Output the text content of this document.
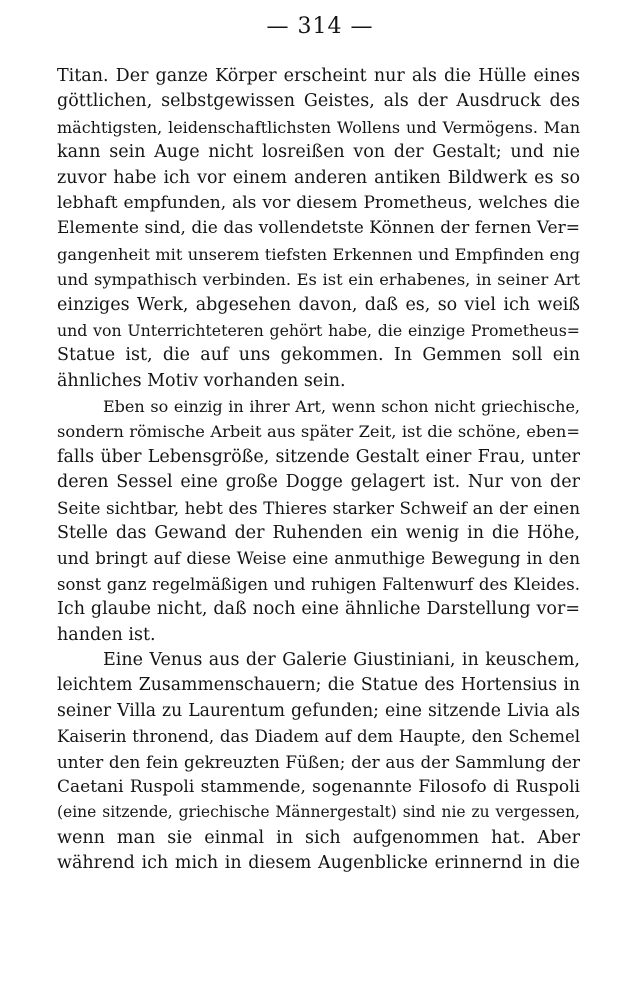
— 314 —
Titan. Der ganze Körper erscheint nur als die Hülle eines
göttlichen, selbstgewissen Geistes, als der Ausdruck des
mächtigsten, leidenschaftlichsten Wollens und Vermögens. Man
kann sein Auge nicht losreißen von der Gestalt; und nie
zuvor habe ich vor einem anderen antiken Bildwerk es so
lebhaft empfunden, als vor diesem Prometheus, welches die
Elemente sind, die das vollendetste Können der fernen Ver=
gangenheit mit unserem tiefsten Erkennen und Empfinden eng
und sympathisch verbinden. Es ist ein erhabenes, in seiner Art
einziges Werk, abgesehen davon, daß es, so viel ich weiß
und von Unterrichteteren gehört habe, die einzige Prometheus=
Statue ist, die auf uns gekommen. In Gemmen soll ein
ähnliches Motiv vorhanden sein.
Eben so einzig in ihrer Art, wenn schon nicht griechische,
sondern römische Arbeit aus später Zeit, ist die schöne, eben=
falls über Lebensgröße, sitzende Gestalt einer Frau, unter
deren Sessel eine große Dogge gelagert ist. Nur von der
Seite sichtbar, hebt des Thieres starker Schweif an der einen
Stelle das Gewand der Ruhenden ein wenig in die Höhe,
und bringt auf diese Weise eine anmuthige Bewegung in den
sonst ganz regelmäßigen und ruhigen Faltenwurf des Kleides.
Ich glaube nicht, daß noch eine ähnliche Darstellung vor=
handen ist.
Eine Venus aus der Galerie Giustiniani, in keuschem,
leichtem Zusammenschauern; die Statue des Hortensius in
seiner Villa zu Laurentum gefunden; eine sitzende Livia als
Kaiserin thronend, das Diadem auf dem Haupte, den Schemel
unter den fein gekreuzten Füßen; der aus der Sammlung der
Caetani Ruspoli stammende, sogenannte Filosofo di Ruspoli
(eine sitzende, griechische Männergestalt) sind nie zu vergessen,
wenn man sie einmal in sich aufgenommen hat. Aber
während ich mich in diesem Augenblicke erinnernd in die
